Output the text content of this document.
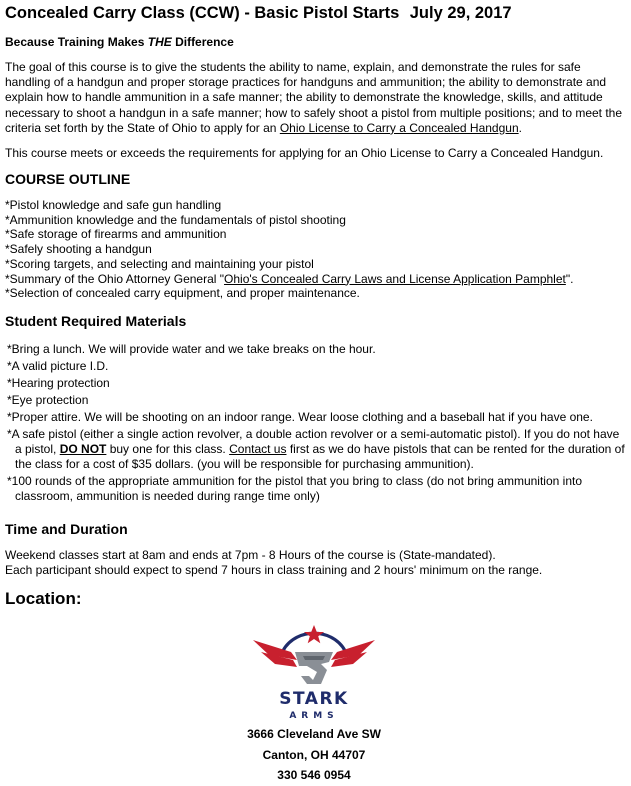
Concealed Carry Class (CCW) - Basic Pistol Starts July 29, 2017
Because Training Makes THE Difference

The goal of this course is to give the students the ability to name, explain, and demonstrate the rules for safe handling of a handgun and proper storage practices for handguns and ammunition; the ability to demonstrate and explain how to handle ammunition in a safe manner; the ability to demonstrate the knowledge, skills, and attitude necessary to shoot a handgun in a safe manner; how to safely shoot a pistol from multiple positions; and to meet the criteria set forth by the State of Ohio to apply for an Ohio License to Carry a Concealed Handgun.

This course meets or exceeds the requirements for applying for an Ohio License to Carry a Concealed Handgun.

COURSE OUTLINE
*Pistol knowledge and safe gun handling
*Ammunition knowledge and the fundamentals of pistol shooting
*Safe storage of firearms and ammunition
*Safely shooting a handgun
*Scoring targets, and selecting and maintaining your pistol
*Summary of the Ohio Attorney General "Ohio's Concealed Carry Laws and License Application Pamphlet".
*Selection of concealed carry equipment, and proper maintenance.
Student Required Materials
*Bring a lunch. We will provide water and we take breaks on the hour.
*A valid picture I.D.
*Hearing protection
*Eye protection
*Proper attire. We will be shooting on an indoor range. Wear loose clothing and a baseball hat if you have one.
*A safe pistol (either a single action revolver, a double action revolver or a semi-automatic pistol). If you do not have a pistol, DO NOT buy one for this class. Contact us first as we do have pistols that can be rented for the duration of the class for a cost of $35 dollars. (you will be responsible for purchasing ammunition).
*100 rounds of the appropriate ammunition for the pistol that you bring to class (do not bring ammunition into classroom, ammunition is needed during range time only)
Time and Duration
Weekend classes start at 8am and ends at 7pm - 8 Hours of the course is (State-mandated).
Each participant should expect to spend 7 hours in class training and 2 hours' minimum on the range.
Location:
STARK
ARMS
3666 Cleveland Ave SW
Canton, OH 44707
330 546 0954
